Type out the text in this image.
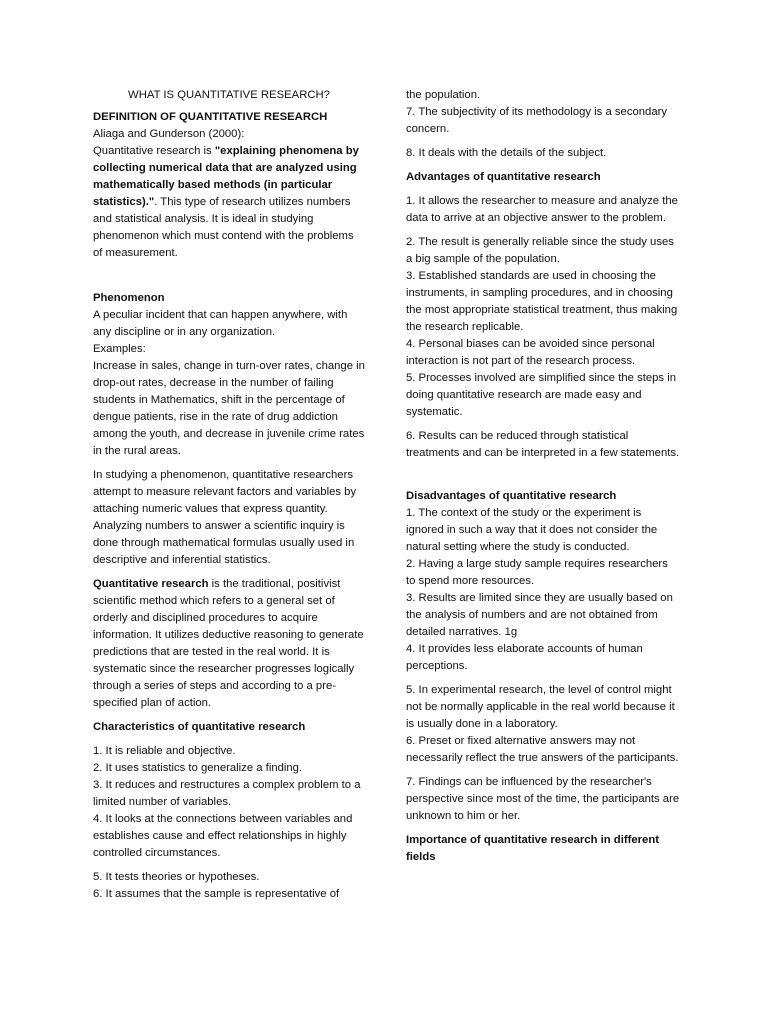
WHAT IS QUANTITATIVE RESEARCH?

DEFINITION OF QUANTITATIVE RESEARCH

Aliaga and Gunderson (2000):

Quantitative research is "explaining phenomena by collecting numerical data that are analyzed using mathematically based methods (in particular statistics).". This type of research utilizes numbers and statistical analysis. It is ideal in studying phenomenon which must contend with the problems of measurement.

Phenomenon

A peculiar incident that can happen anywhere, with any discipline or in any organization.

Examples:

Increase in sales, change in turn-over rates, change in drop-out rates, decrease in the number of failing students in Mathematics, shift in the percentage of dengue patients, rise in the rate of drug addiction among the youth, and decrease in juvenile crime rates in the rural areas.

In studying a phenomenon, quantitative researchers attempt to measure relevant factors and variables by attaching numeric values that express quantity. Analyzing numbers to answer a scientific inquiry is done through mathematical formulas usually used in descriptive and inferential statistics.

Quantitative research is the traditional, positivist scientific method which refers to a general set of orderly and disciplined procedures to acquire information. It utilizes deductive reasoning to generate predictions that are tested in the real world. It is systematic since the researcher progresses logically through a series of steps and according to a pre-specified plan of action.

Characteristics of quantitative research

1. It is reliable and objective.

2. It uses statistics to generalize a finding.

3. It reduces and restructures a complex problem to a limited number of variables.

4. It looks at the connections between variables and establishes cause and effect relationships in highly controlled circumstances.

5. It tests theories or hypotheses.

6. It assumes that the sample is representative of

the population.

7. The subjectivity of its methodology is a secondary concern.

8. It deals with the details of the subject.

Advantages of quantitative research

1. It allows the researcher to measure and analyze the data to arrive at an objective answer to the problem.

2. The result is generally reliable since the study uses a big sample of the population.

3. Established standards are used in choosing the instruments, in sampling procedures, and in choosing the most appropriate statistical treatment, thus making the research replicable.

4. Personal biases can be avoided since personal interaction is not part of the research process.

5. Processes involved are simplified since the steps in doing quantitative research are made easy and systematic.

6. Results can be reduced through statistical treatments and can be interpreted in a few statements.

Disadvantages of quantitative research

1. The context of the study or the experiment is ignored in such a way that it does not consider the natural setting where the study is conducted.

2. Having a large study sample requires researchers to spend more resources.

3. Results are limited since they are usually based on the analysis of numbers and are not obtained from detailed narratives. 1g

4. It provides less elaborate accounts of human perceptions.

5. In experimental research, the level of control might not be normally applicable in the real world because it is usually done in a laboratory.

6. Preset or fixed alternative answers may not necessarily reflect the true answers of the participants.

7. Findings can be influenced by the researcher's perspective since most of the time, the participants are unknown to him or her.

Importance of quantitative research in different fields
